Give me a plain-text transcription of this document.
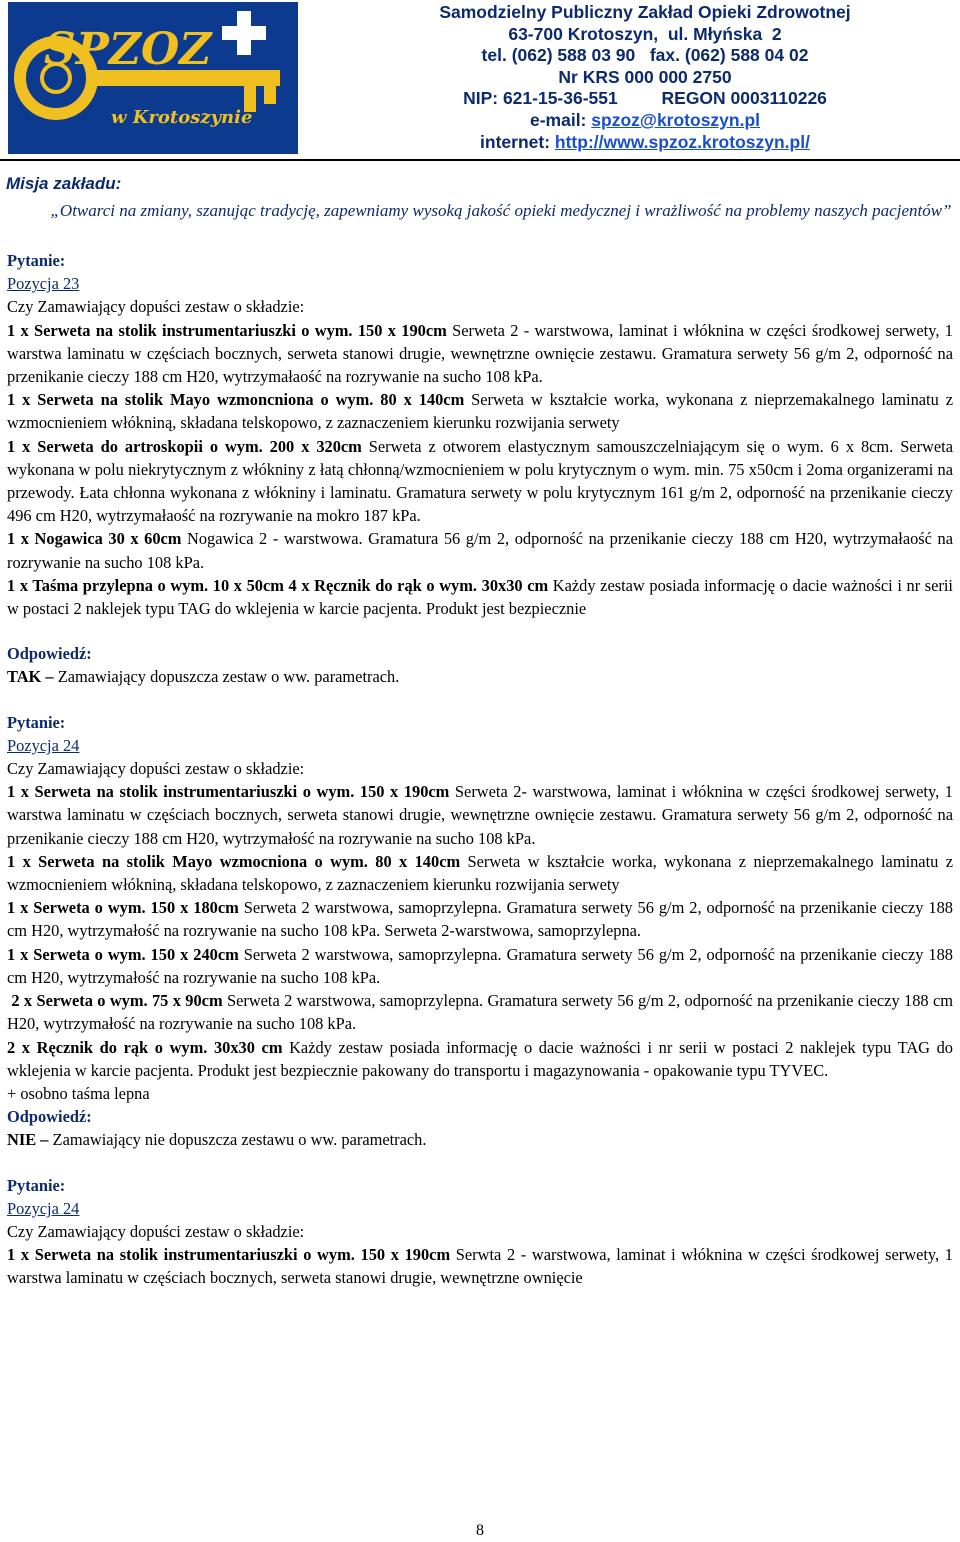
SPZOZ
w Krotoszynie
Samodzielny Publiczny Zakład Opieki Zdrowotnej
63-700 Krotoszyn,  ul. Młyńska  2
tel. (062) 588 03 90   fax. (062) 588 04 02
Nr KRS 000 000 2750
NIP: 621-15-36-551         REGON 0003110226
e-mail: spzoz@krotoszyn.pl
internet: http://www.spzoz.krotoszyn.pl/
Misja zakładu:
„Otwarci na zmiany, szanując tradycję, zapewniamy wysoką jakość opieki medycznej i wrażliwość na problemy naszych pacjentów”

Pytanie:

Pozycja 23

Czy Zamawiający dopuści zestaw o składzie:

1 x Serweta na stolik instrumentariuszki o wym. 150 x 190cm Serweta 2 - warstwowa, laminat i włóknina w części środkowej serwety, 1 warstwa laminatu w częściach bocznych, serweta stanowi drugie, wewnętrzne ownięcie zestawu. Gramatura serwety 56 g/m 2, odporność na przenikanie cieczy 188 cm H20, wytrzymałaość na rozrywanie na sucho 108 kPa.

1 x Serweta na stolik Mayo wzmoncniona o wym. 80 x 140cm Serweta w kształcie worka, wykonana z nieprzemakalnego laminatu z wzmocnieniem włókniną, składana telskopowo, z zaznaczeniem kierunku rozwijania serwety

1 x Serweta do artroskopii o wym. 200 x 320cm Serweta z otworem elastycznym samouszczelniającym się o wym. 6 x 8cm. Serweta wykonana w polu niekrytycznym z włókniny z łatą chłonną/wzmocnieniem w polu krytycznym o wym. min. 75 x50cm i 2oma organizerami na przewody. Łata chłonna wykonana z włókniny i laminatu. Gramatura serwety w polu krytycznym 161 g/m 2, odporność na przenikanie cieczy 496 cm H20, wytrzymałaość na rozrywanie na mokro 187 kPa.

1 x Nogawica 30 x 60cm Nogawica 2 - warstwowa. Gramatura 56 g/m 2, odporność na przenikanie cieczy 188 cm H20, wytrzymałaość na rozrywanie na sucho 108 kPa.

1 x Taśma przylepna o wym. 10 x 50cm 4 x Ręcznik do rąk o wym. 30x30 cm Każdy zestaw posiada informację o dacie ważności i nr serii w postaci 2 naklejek typu TAG do wklejenia w karcie pacjenta. Produkt jest bezpiecznie

Odpowiedź:

TAK – Zamawiający dopuszcza zestaw o ww. parametrach.

Pytanie:

Pozycja 24

Czy Zamawiający dopuści zestaw o składzie:

1 x Serweta na stolik instrumentariuszki o wym. 150 x 190cm Serweta 2- warstwowa, laminat i włóknina w części środkowej serwety, 1 warstwa laminatu w częściach bocznych, serweta stanowi drugie, wewnętrzne ownięcie zestawu. Gramatura serwety 56 g/m 2, odporność na przenikanie cieczy 188 cm H20, wytrzymałość na rozrywanie na sucho 108 kPa.

1 x Serweta na stolik Mayo wzmocniona o wym. 80 x 140cm Serweta w kształcie worka, wykonana z nieprzemakalnego laminatu z wzmocnieniem włókniną, składana telskopowo, z zaznaczeniem kierunku rozwijania serwety

1 x Serweta o wym. 150 x 180cm Serweta 2 warstwowa, samoprzylepna. Gramatura serwety 56 g/m 2, odporność na przenikanie cieczy 188 cm H20, wytrzymałość na rozrywanie na sucho 108 kPa. Serweta 2-warstwowa, samoprzylepna.

1 x Serweta o wym. 150 x 240cm Serweta 2 warstwowa, samoprzylepna. Gramatura serwety 56 g/m 2, odporność na przenikanie cieczy 188 cm H20, wytrzymałość na rozrywanie na sucho 108 kPa.

2 x Serweta o wym. 75 x 90cm Serweta 2 warstwowa, samoprzylepna. Gramatura serwety 56 g/m 2, odporność na przenikanie cieczy 188 cm H20, wytrzymałość na rozrywanie na sucho 108 kPa.

2 x Ręcznik do rąk o wym. 30x30 cm Każdy zestaw posiada informację o dacie ważności i nr serii w postaci 2 naklejek typu TAG do wklejenia w karcie pacjenta. Produkt jest bezpiecznie pakowany do transportu i magazynowania - opakowanie typu TYVEC.

+ osobno taśma lepna

Odpowiedź:

NIE – Zamawiający nie dopuszcza zestawu o ww. parametrach.

Pytanie:

Pozycja 24

Czy Zamawiający dopuści zestaw o składzie:

1 x Serweta na stolik instrumentariuszki o wym. 150 x 190cm Serwta 2 - warstwowa, laminat i włóknina w części środkowej serwety, 1 warstwa laminatu w częściach bocznych, serweta stanowi drugie, wewnętrzne ownięcie

8
